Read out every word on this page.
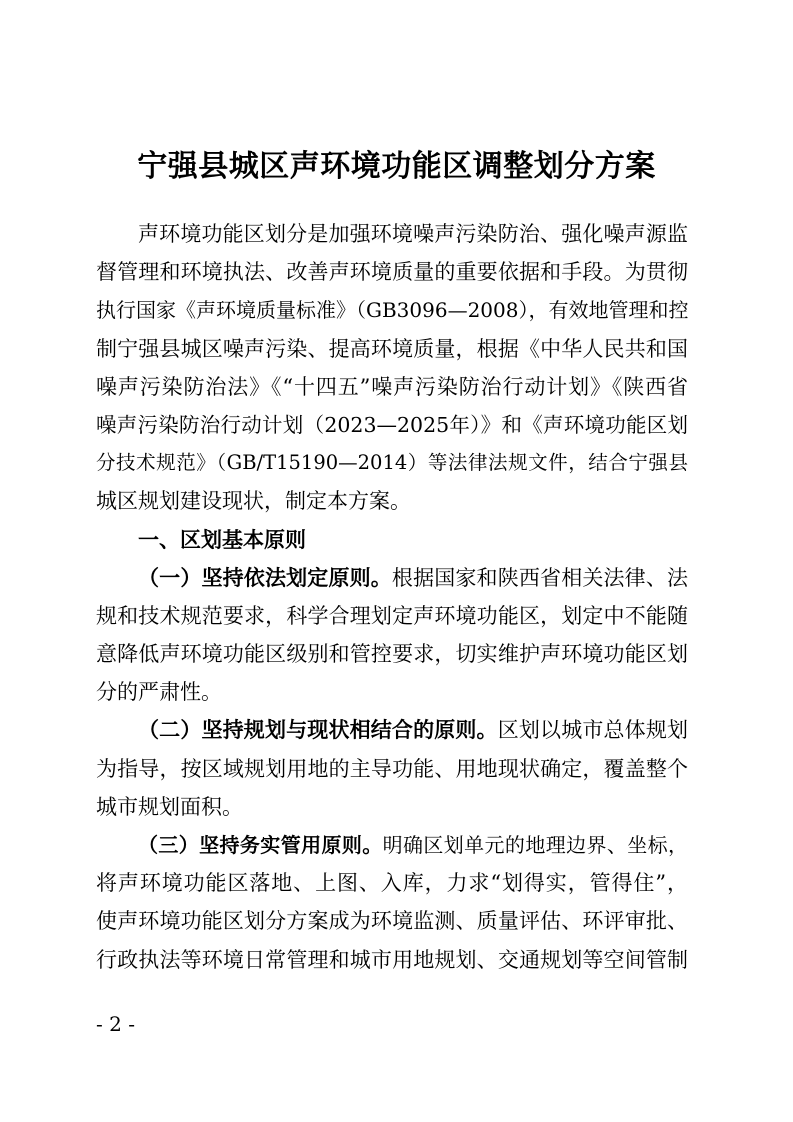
宁强县城区声环境功能区调整划分方案
声环境功能区划分是加强环境噪声污染防治、强化噪声源监
督管理和环境执法、改善声环境质量的重要依据和手段。为贯彻
执行国家《声环境质量标准》（GB3096—2008），有效地管理和控
制宁强县城区噪声污染、提高环境质量，根据《中华人民共和国
噪声污染防治法》《“十四五”噪声污染防治行动计划》《陕西省
噪声污染防治行动计划（2023—2025年）》和《声环境功能区划
分技术规范》（GB/T15190—2014）等法律法规文件，结合宁强县
城区规划建设现状，制定本方案。
一、区划基本原则
（一）坚持依法划定原则。根据国家和陕西省相关法律、法
规和技术规范要求，科学合理划定声环境功能区，划定中不能随
意降低声环境功能区级别和管控要求，切实维护声环境功能区划
分的严肃性。
（二）坚持规划与现状相结合的原则。区划以城市总体规划
为指导，按区域规划用地的主导功能、用地现状确定，覆盖整个
城市规划面积。
（三）坚持务实管用原则。明确区划单元的地理边界、坐标，
将声环境功能区落地、上图、入库，力求“划得实，管得住”，
使声环境功能区划分方案成为环境监测、质量评估、环评审批、
行政执法等环境日常管理和城市用地规划、交通规划等空间管制
- 2 -
